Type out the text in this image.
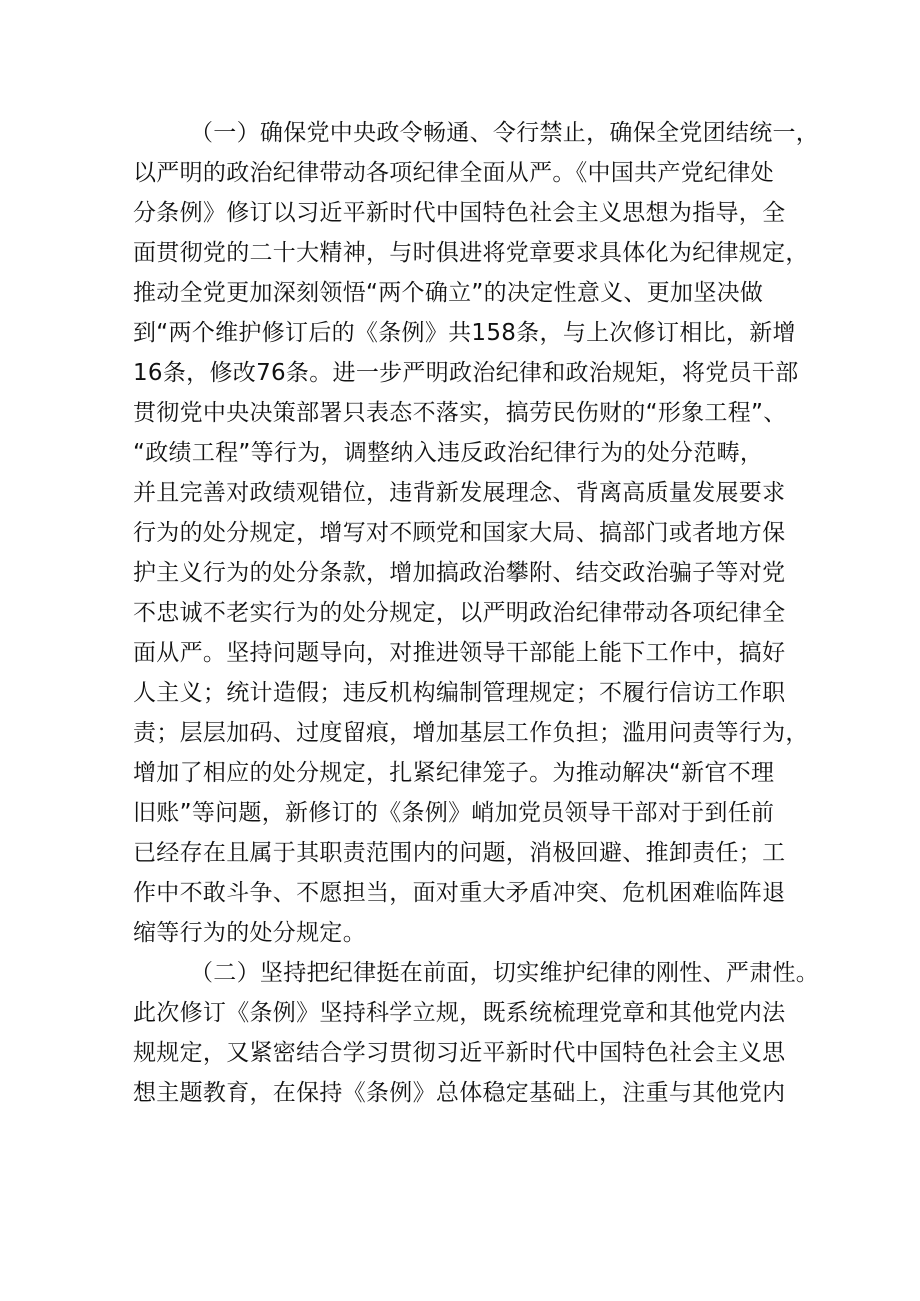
（一）确保党中央政令畅通、令行禁止，确保全党团结统一，
以严明的政治纪律带动各项纪律全面从严。《中国共产党纪律处
分条例》修订以习近平新时代中国特色社会主义思想为指导，全
面贯彻党的二十大精神，与时俱进将党章要求具体化为纪律规定，
推动全党更加深刻领悟“两个确立”的决定性意义、更加坚决做
到“两个维护修订后的《条例》共158条，与上次修订相比，新增
16条，修改76条。进一步严明政治纪律和政治规矩，将党员干部
贯彻党中央决策部署只表态不落实，搞劳民伤财的“形象工程”、
“政绩工程”等行为，调整纳入违反政治纪律行为的处分范畴，
并且完善对政绩观错位，违背新发展理念、背离高质量发展要求
行为的处分规定，增写对不顾党和国家大局、搞部门或者地方保
护主义行为的处分条款，增加搞政治攀附、结交政治骗子等对党
不忠诚不老实行为的处分规定，以严明政治纪律带动各项纪律全
面从严。坚持问题导向，对推进领导干部能上能下工作中，搞好
人主义；统计造假；违反机构编制管理规定；不履行信访工作职
责；层层加码、过度留痕，增加基层工作负担；滥用问责等行为，
增加了相应的处分规定，扎紧纪律笼子。为推动解决“新官不理
旧账”等问题，新修订的《条例》峭加党员领导干部对于到任前
已经存在且属于其职责范围内的问题，消极回避、推卸责任；工
作中不敢斗争、不愿担当，面对重大矛盾冲突、危机困难临阵退
缩等行为的处分规定。
（二）坚持把纪律挺在前面，切实维护纪律的刚性、严肃性。
此次修订《条例》坚持科学立规，既系统梳理党章和其他党内法
规规定，又紧密结合学习贯彻习近平新时代中国特色社会主义思
想主题教育，在保持《条例》总体稳定基础上，注重与其他党内
